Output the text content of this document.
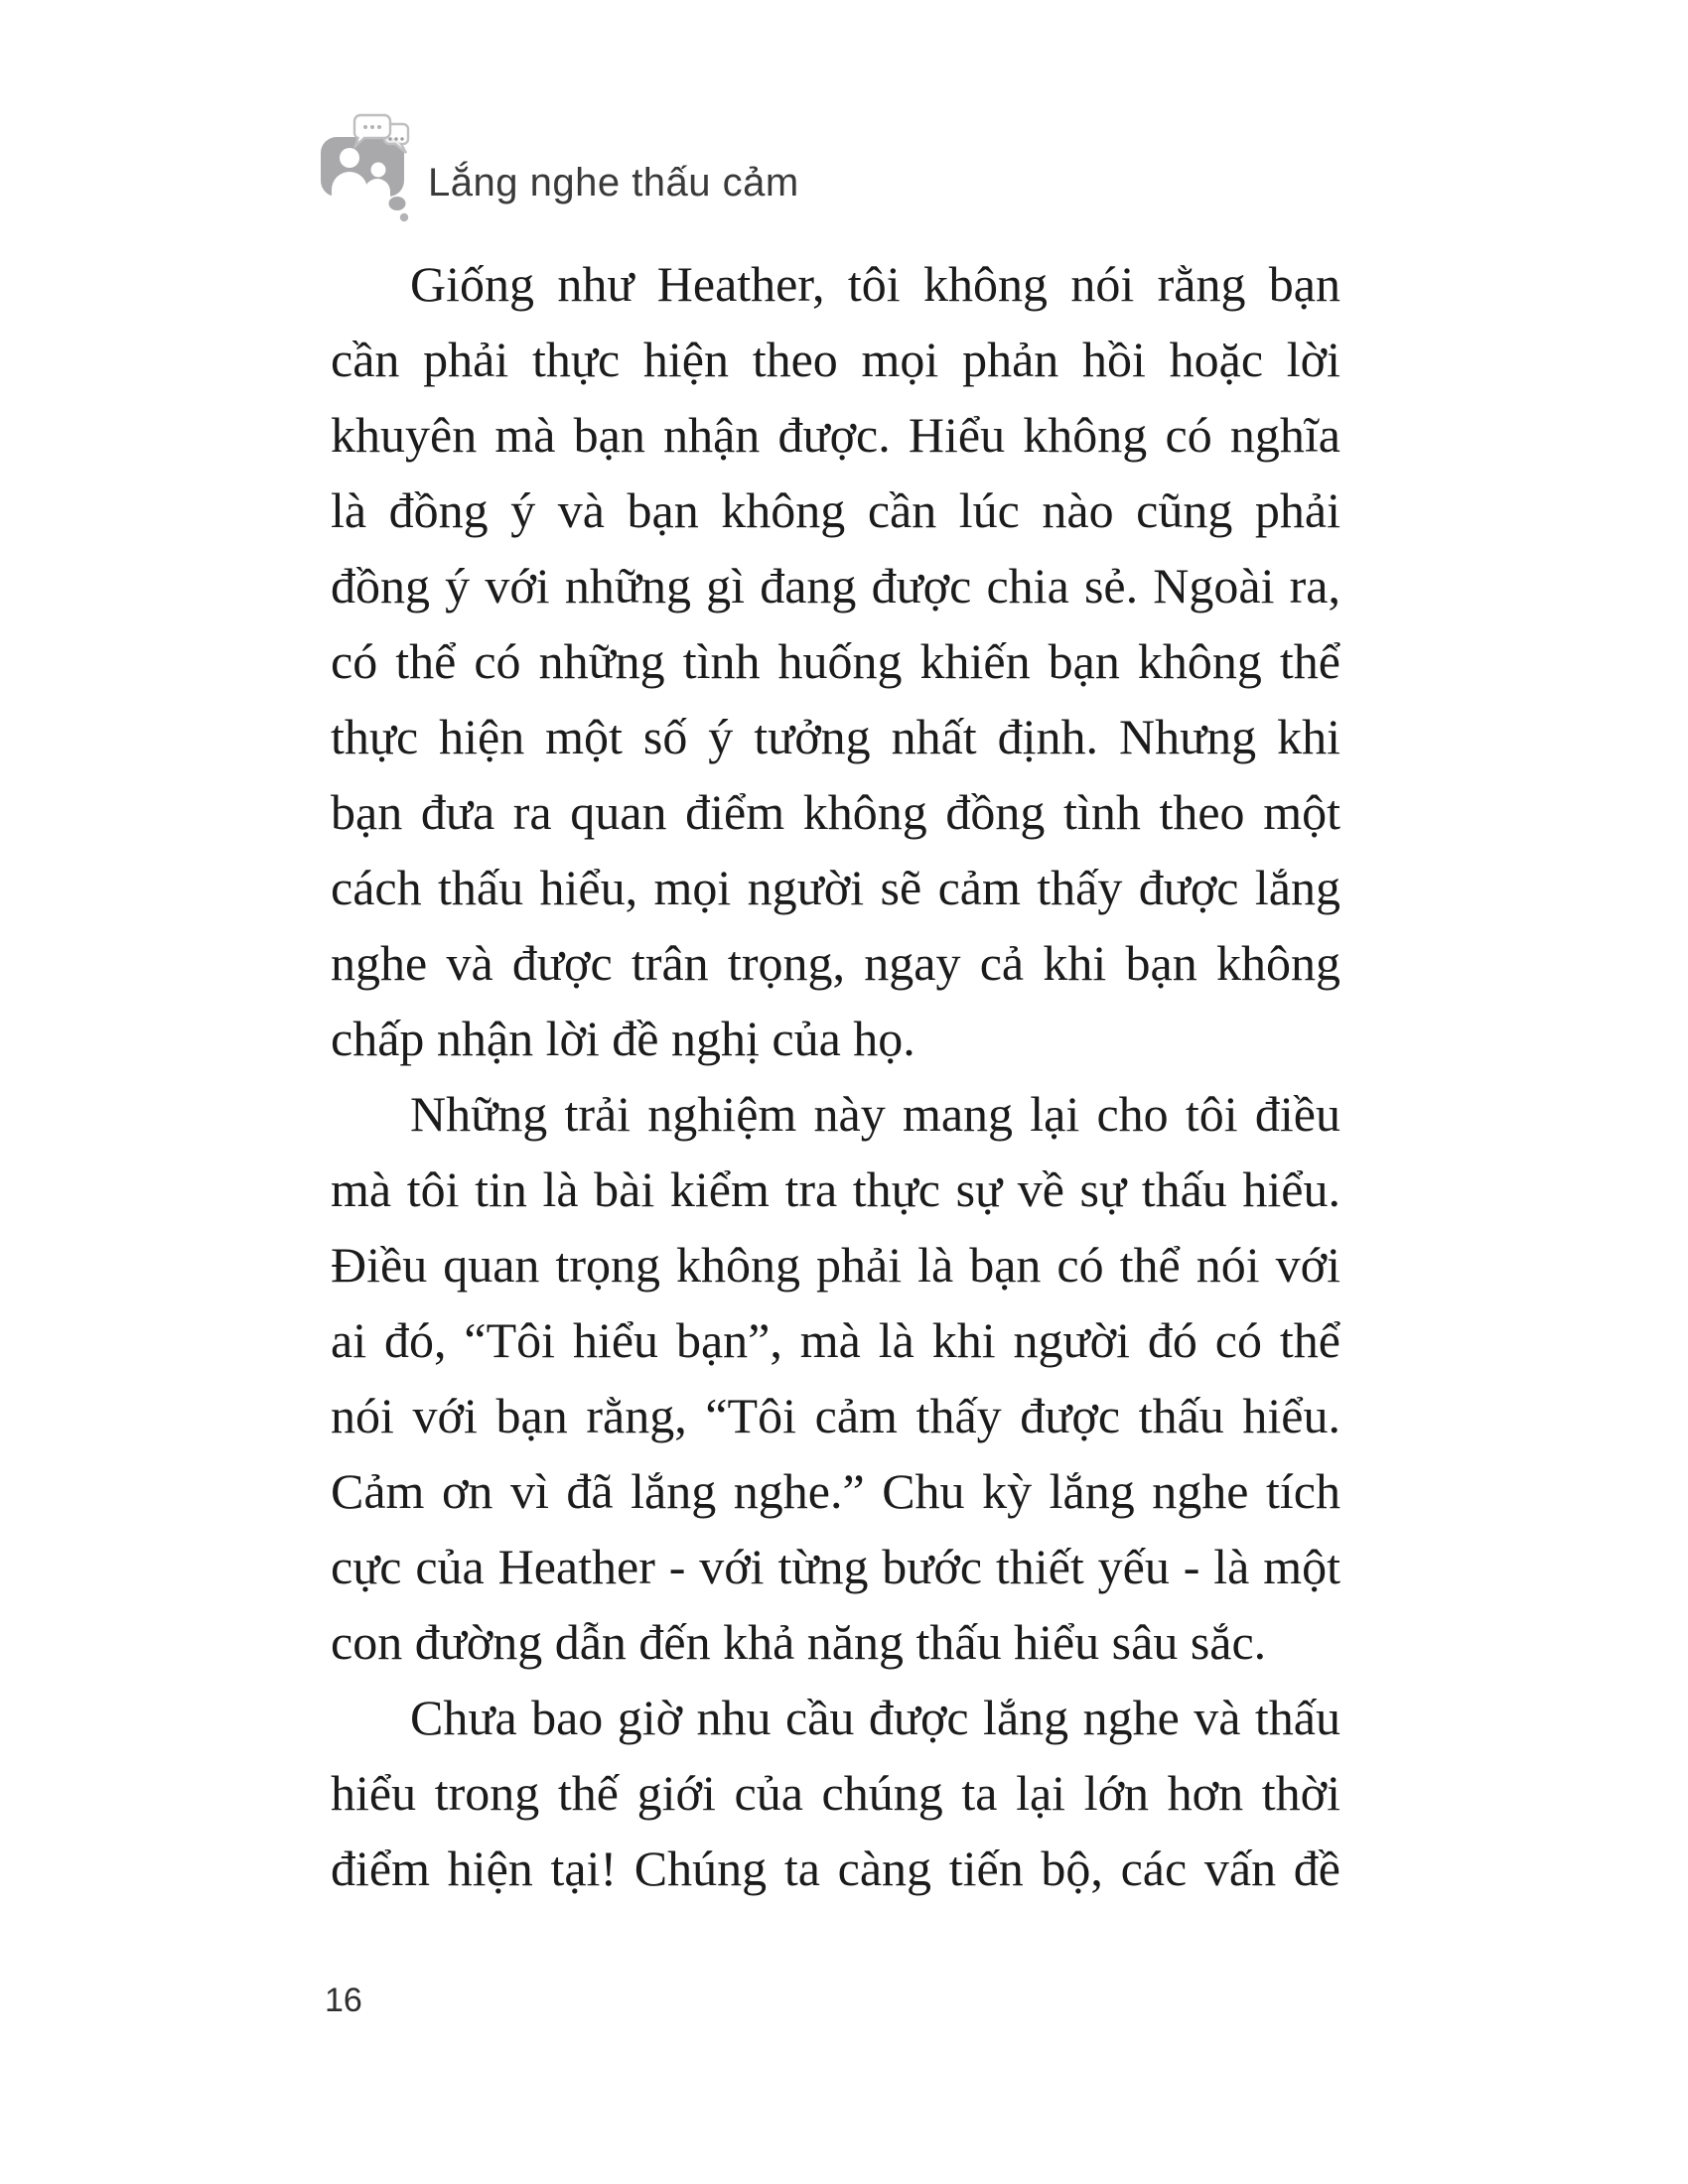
Lắng nghe thấu cảm

Giống như Heather, tôi không nói rằng bạn cần phải thực hiện theo mọi phản hồi hoặc lời khuyên mà bạn nhận được. Hiểu không có nghĩa là đồng ý và bạn không cần lúc nào cũng phải đồng ý với những gì đang được chia sẻ. Ngoài ra, có thể có những tình huống khiến bạn không thể thực hiện một số ý tưởng nhất định. Nhưng khi bạn đưa ra quan điểm không đồng tình theo một cách thấu hiểu, mọi người sẽ cảm thấy được lắng nghe và được trân trọng, ngay cả khi bạn không chấp nhận lời đề nghị của họ.

Những trải nghiệm này mang lại cho tôi điều mà tôi tin là bài kiểm tra thực sự về sự thấu hiểu. Điều quan trọng không phải là bạn có thể nói với ai đó, “Tôi hiểu bạn”, mà là khi người đó có thể nói với bạn rằng, “Tôi cảm thấy được thấu hiểu. Cảm ơn vì đã lắng nghe.” Chu kỳ lắng nghe tích cực của Heather - với từng bước thiết yếu - là một con đường dẫn đến khả năng thấu hiểu sâu sắc.

Chưa bao giờ nhu cầu được lắng nghe và thấu hiểu trong thế giới của chúng ta lại lớn hơn thời điểm hiện tại! Chúng ta càng tiến bộ, các vấn đề

16
